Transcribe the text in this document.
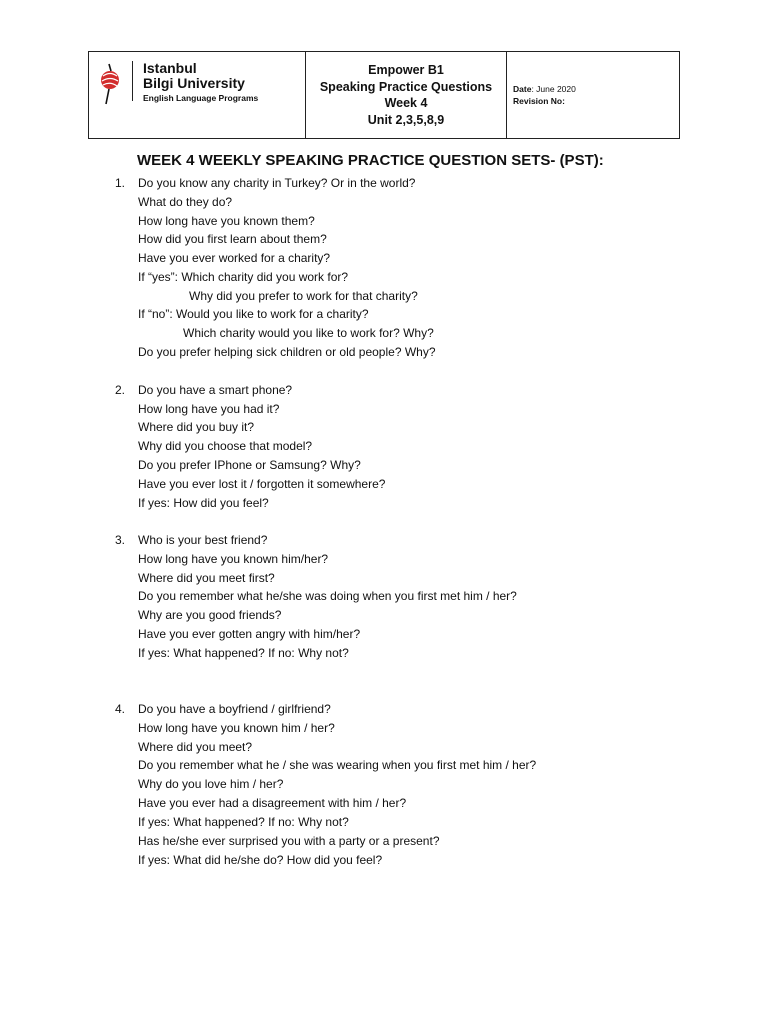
Istanbul
Bilgi University
English Language Programs

Empower B1
Speaking Practice Questions
Week 4
Unit 2,3,5,8,9

Date: June 2020
Revision No:
WEEK 4 WEEKLY SPEAKING PRACTICE QUESTION SETS- (PST):
1. Do you know any charity in Turkey? Or in the world?
What do they do?
How long have you known them?
How did you first learn about them?
Have you ever worked for a charity?
If “yes”: Which charity did you work for?
Why did you prefer to work for that charity?
If “no”: Would you like to work for a charity?
Which charity would you like to work for? Why?
Do you prefer helping sick children or old people? Why?
2. Do you have a smart phone?
How long have you had it?
Where did you buy it?
Why did you choose that model?
Do you prefer IPhone or Samsung? Why?
Have you ever lost it / forgotten it somewhere?
If yes: How did you feel?
3. Who is your best friend?
How long have you known him/her?
Where did you meet first?
Do you remember what he/she was doing when you first met him / her?
Why are you good friends?
Have you ever gotten angry with him/her?
If yes: What happened? If no: Why not?
4. Do you have a boyfriend / girlfriend?
How long have you known him / her?
Where did you meet?
Do you remember what he / she was wearing when you first met him / her?
Why do you love him / her?
Have you ever had a disagreement with him / her?
If yes: What happened? If no: Why not?
Has he/she ever surprised you with a party or a present?
If yes: What did he/she do? How did you feel?
